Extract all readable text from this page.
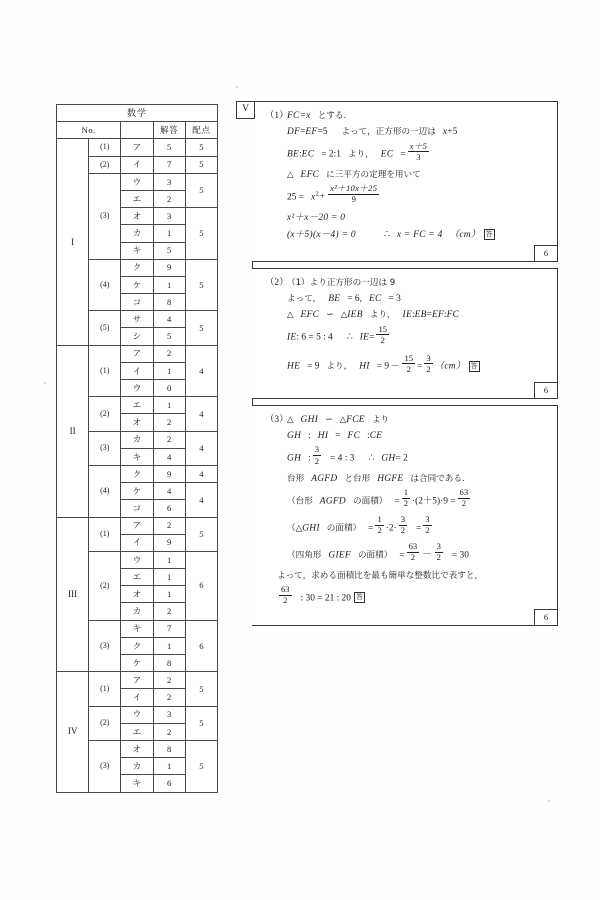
数学				
No.			解答	配点
I	(1)	ア	5	5
	(2)	イ	7	5
	(3)	ウ	3	5
		エ	2	
		オ	3	5
		カ	1	
		キ	5	
	(4)	ク	9	5
		ケ	1	
		コ	8	
	(5)	サ	4	5
		シ	5	
II	(1)	ア	2	4
		イ	1	
		ウ	0	
	(2)	エ	1	4
		オ	2	
	(3)	カ	2	4
		キ	4	
	(4)	ク	9	4
		ケ	4	4
		コ	6	
III	(1)	ア	2	5
		イ	9	
	(2)	ウ	1	6
		エ	1	
		オ	1	
		カ	2	
	(3)	キ	7	6
		ク	1	
		ケ	8	
IV	(1)	ア	2	5
		イ	2	
	(2)	ウ	3	5
		エ	2	
	(3)	オ	8	5
		カ	1	
		キ	6	
V
（1）FC=x とする.
DF=EF=5 よって，正方形の一辺は x+5
BE:EC = 2:1 より， EC = $\frac{x+5}{3}$
△ EFC に三平方の定理を用いて
$25 = x^2+ \frac{\text{x²＋10x＋25}}{9}$
x²＋x－20 = 0
(x＋5)(x－4) = 0	∴ x = FC = 4 （cm） 答
6
（2）（1）より正方形の一辺は 9
よって， BE = 6, EC = 3
△ EFC ∽ △IEB より， IE:EB=EF:FC
IE: 6 = 5 : 4 ∴ $IE= \frac{15}{2}$
HE = 9 より， HI = $9- \frac{15}{2} = \frac{3}{2} (cm)$ 答
6
（3）△ GHI ∽ △FCE より
GH : HI = FC :CE
GH : $\frac{3}{2} = 4$ : 3 ∴ GH= 2
台形 AGFD と台形 HGFE は合同である.
（台形 AGFD の面積） = $\frac{1}{2} \cdot(2+5)\cdot 9 = \frac{63}{2}$
（△GHI の面積） = $\frac{1}{2} \cdot 2\cdot \frac{3}{2} = \frac{3}{2}$
（四角形 GIEF の面積） = $\frac{63}{2} - \frac{3}{2} = 30$
よって，求める面積比を最も簡単な整数比で表すと，
$\frac{63}{2}$ : 30 = 21 : 20 答
6
